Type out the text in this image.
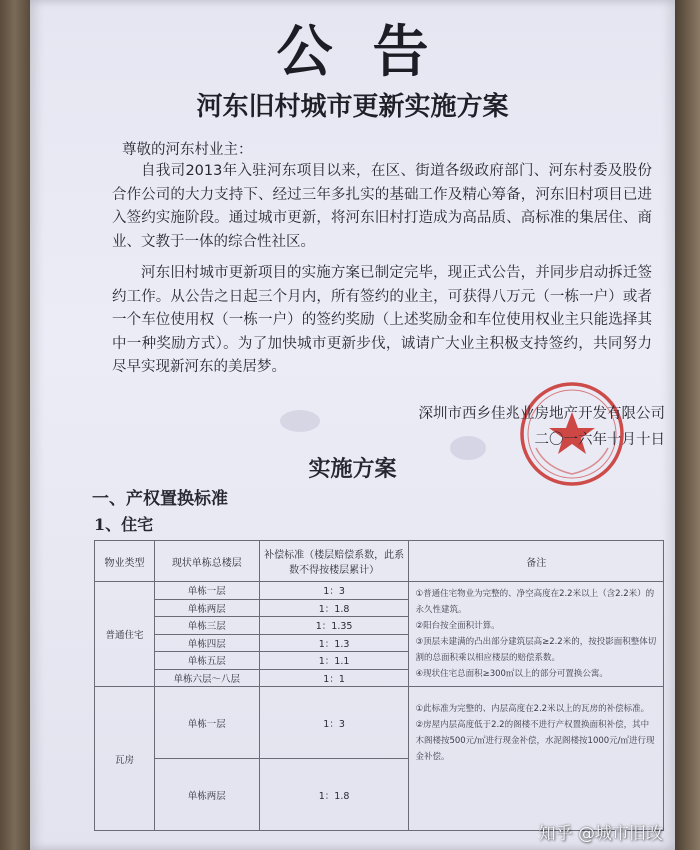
公告
河东旧村城市更新实施方案
尊敬的河东村业主：

自我司2013年入驻河东项目以来，在区、街道各级政府部门、河东村委及股份合作公司的大力支持下、经过三年多扎实的基础工作及精心筹备，河东旧村项目已进入签约实施阶段。通过城市更新，将河东旧村打造成为高品质、高标准的集居住、商业、文教于一体的综合性社区。

河东旧村城市更新项目的实施方案已制定完毕，现正式公告，并同步启动拆迁签约工作。从公告之日起三个月内，所有签约的业主，可获得八万元（一栋一户）或者一个车位使用权（一栋一户）的签约奖励（上述奖励金和车位使用权业主只能选择其中一种奖励方式）。为了加快城市更新步伐，诚请广大业主积极支持签约，共同努力尽早实现新河东的美居梦。

深圳市西乡佳兆业房地产开发有限公司
二〇一六年十月十日
实施方案
一、产权置换标准
1、住宅
物业类型	现状单栋总楼层	补偿标准（楼层赔偿系数，此系数不得按楼层累计）	备注
普通住宅	单栋一层	1：3	①普通住宅物业为完整的、净空高度在2.2米以上（含2.2米）的永久性建筑。
②阳台按全面积计算。
③顶层未建满的凸出部分建筑层高≥2.2米的，按投影面积整体切割的总面积乘以相应楼层的赔偿系数。
④现状住宅总面积≥300㎡以上的部分可置换公寓。

	单栋两层	1：1.8	
	单栋三层	1：1.35	
	单栋四层	1：1.3	
	单栋五层	1：1.1	
	单栋六层～八层	1：1	
瓦房	单栋一层	1：3	①此标准为完整的、内层高度在2.2米以上的瓦房的补偿标准。
②房屋内层高度低于2.2的阁楼不进行产权置换面积补偿，其中木阁楼按500元/㎡进行现金补偿，水泥阁楼按1000元/㎡进行现金补偿。

	单栋两层	1：1.8	
知乎 @城市旧改
